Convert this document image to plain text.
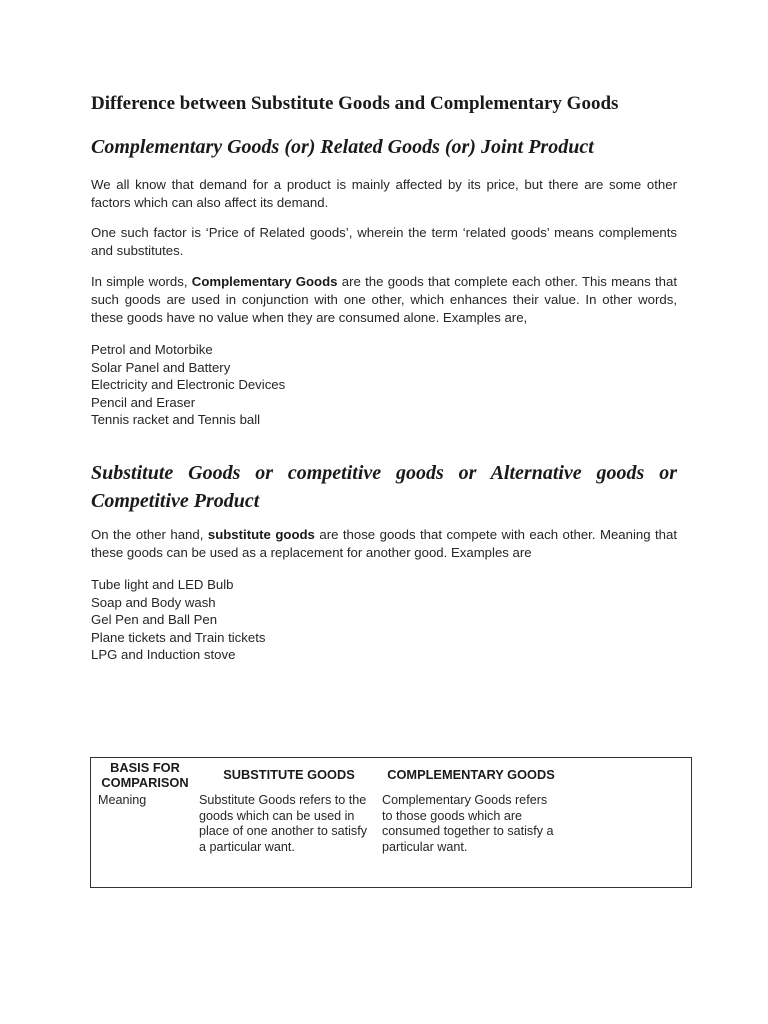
Difference between Substitute Goods and Complementary Goods
Complementary Goods (or) Related Goods (or) Joint Product

We all know that demand for a product is mainly affected by its price, but there are some other factors which can also affect its demand.

One such factor is ‘Price of Related goods’, wherein the term ‘related goods’ means complements and substitutes.

In simple words, Complementary Goods are the goods that complete each other. This means that such goods are used in conjunction with one other, which enhances their value. In other words, these goods have no value when they are consumed alone. Examples are,

Petrol and Motorbike
Solar Panel and Battery
Electricity and Electronic Devices
Pencil and Eraser
Tennis racket and Tennis ball
Substitute Goods or competitive goods or Alternative goods or Competitive Product

On the other hand, substitute goods are those goods that compete with each other. Meaning that these goods can be used as a replacement for another good. Examples are

Tube light and LED Bulb
Soap and Body wash
Gel Pen and Ball Pen
Plane tickets and Train tickets
LPG and Induction stove
BASIS FOR COMPARISON
SUBSTITUTE GOODS	COMPLEMENTARY GOODS
Meaning	Substitute Goods refers to the goods which can be used in place of one another to satisfy a particular want.
Complementary Goods refers to those goods which are consumed together to satisfy a particular want.
